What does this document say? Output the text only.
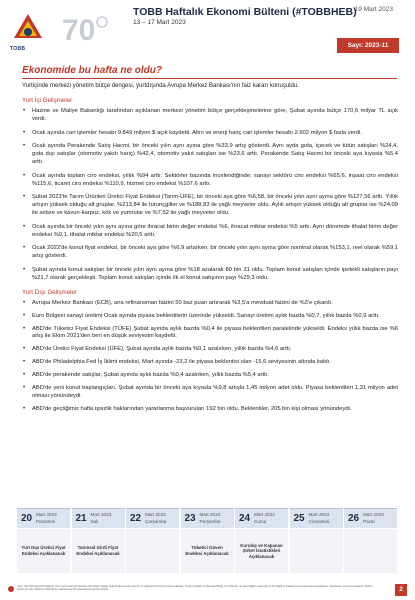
TOBB
70
TOBB Haftalık Ekonomi Bülteni (#TOBBHEB)
13 – 17 Mart 2023
19 Mart 2023
Sayı: 2023-11
Ekonomide bu hafta ne oldu?

Yurtiçinde merkezi yönetim bütçe dengesi, yurtdışında Avrupa Merkez Bankası'nın faiz kararı konuşuldu.

Yurt İçi Gelişmeler
• Hazine ve Maliye Bakanlığı tarafından açıklanan merkezi yönetim bütçe gerçekleşmelerine göre, Şubat ayında bütçe 170,6 milyar TL açık verdi.
• Ocak ayında cari işlemler hesabı 9.849 milyon $ açık kaydetti. Altın ve enerji hariç cari işlemler hesabı 2.602 milyon $ fazla verdi.
• Ocak ayında Perakende Satış Hacmi, bir önceki yılın aynı ayına göre %33,9 artış gösterdi. Aynı ayda gıda, içecek ve tütün satışları %24,4, gıda dışı satışlar (otomotiv yakıtı hariç) %42,4, otomotiv yakıt satışları ise %23,6 arttı. Perakende Satış Hacmi bir önceki aya kıyasla %5,4 arttı.
• Ocak ayında toplam ciro endeksi, yıllık %94 arttı. Sektörler bazında incelendiğinde; sanayi sektörü ciro endeksi %65,6, inşaat ciro endeksi %115,6, ticaret ciro endeksi %110,9, hizmet ciro endeksi %107,6 arttı.
• Şubat 2023'te Tarım Ürünleri Üretici Fiyat Endeksi (Tarım-ÜFE), bir önceki aya göre %6,58, bir önceki yılın aynı ayına göre %127,56 arttı. Yıllık artışın yüksek olduğu alt gruplar, %213,84 ile turunçgiller ve %188,83 ile yağlı meyveler oldu. Aylık artışın yüksek olduğu alt gruplar ise %24,09 ile sebze ve kavun-karpuz, kök ve yumrular ve %7,52 ile yağlı meyveler oldu.
• Ocak ayında bir önceki yılın aynı ayına göre ihracat birim değer endeksi %6, ihracat miktar endeksi %5 arttı. Aynı dönemde ithalat birim değer endeksi %0,1, ithalat miktar endeksi %20,5 arttı.
• Ocak 2022'de konut fiyat endeksi, bir önceki aya göre %6,9 artarken, bir önceki yılın aynı ayına göre nominal olarak %153,1, reel olarak %59,1 artış gösterdi.
• Şubat ayında konut satışları bir önceki yılın aynı ayına göre %18 azalarak 80 bin 31 oldu. Toplam konut satışları içinde ipotekli satışların payı %21,7 olarak gerçekleşti. Toplam konut satışları içinde ilk el konut satışının payı %29,3 oldu.
Yurt Dışı Gelişmeler
• Avrupa Merkez Bankası (ECB), ana refinansman faizini 50 baz puan artırarak %3,5'a mevduat faizini de %3'e çıkardı.
• Euro Bölgesi sanayi üretimi Ocak ayında piyasa beklentilerin üzerinde yükseldi. Sanayi üretimi aylık bazda %0,7, yıllık bazda %0,9 arttı.
• ABD'de Tüketici Fiyat Endeksi (TÜFE) Şubat ayında aylık bazda %0,4 ile piyasa beklentileri paralelinde yükseldi. Endeks yıllık bazda ise %6 artış ile Ekim 2021'den beri en düşük seviyesini kaydetti.
• ABD'de Üretici Fiyat Endeksi (ÜFE), Şubat ayında aylık bazda %0,1 azalırken, yıllık bazda %4,6 arttı.
• ABD'de Philadelphia Fed İş İklimi endeksi, Mart ayında -23,2 ile piyasa beklentisi olan -15,6 seviyesinin altında kaldı.
• ABD'de perakende satışlar, Şubat ayında aylık bazda %0,4 azalırken, yıllık bazda %5,4 arttı.
• ABD'de yeni konut başlangıçları, Şubat ayında bir önceki aya kıyasla %9,8 artışla 1,45 milyon adet oldu. Piyasa beklentileri 1,31 milyon adet olması yönündeydi.
• ABD'de geçtiğimiz hafta işsizlik haklarından yararlanma başvuruları 192 bin oldu. Beklentiler, 205 bin kişi olması yönündeydi.
20 Mart 2023
Pazartesi
Yurt Dışı Üretici Fiyat Endeksi Açıklanacak
21 Mart 2023
Salı
Tarımsal Girdi Fiyat Endeksi Açıklanacak
22 Mart 2023
Çarşamba 23 Mart 2023
Perşembe
Tüketici Güven Endeksi Açıklanacak
24 Mart 2023
Cuma
Kuruluş ve Kapanan Şirket İstatistikleri Açıklanacak
25 Mart 2023
Cumartesi 26 Mart 2023
Pazar
Uyarı: Bu bültenğinizin bildiğimiz resmi kurumsal yayınlardan elde edilen bilgiler bültenimde sunulan tahmin ve değerlendirmelerde bulunmaktadır. Türkiye Odalar ve Borsalar Birliği, bu bültende yer alan bilgiler nedeniyle ve bu bilgilerin kullanılması sonucunda oluşabilecek zararlardan sorumlu tutulamaz. Bülten içinde yer alan bilgilerin kullanılması halinde kaynak gösterilmesi gerekmektedir.	2
